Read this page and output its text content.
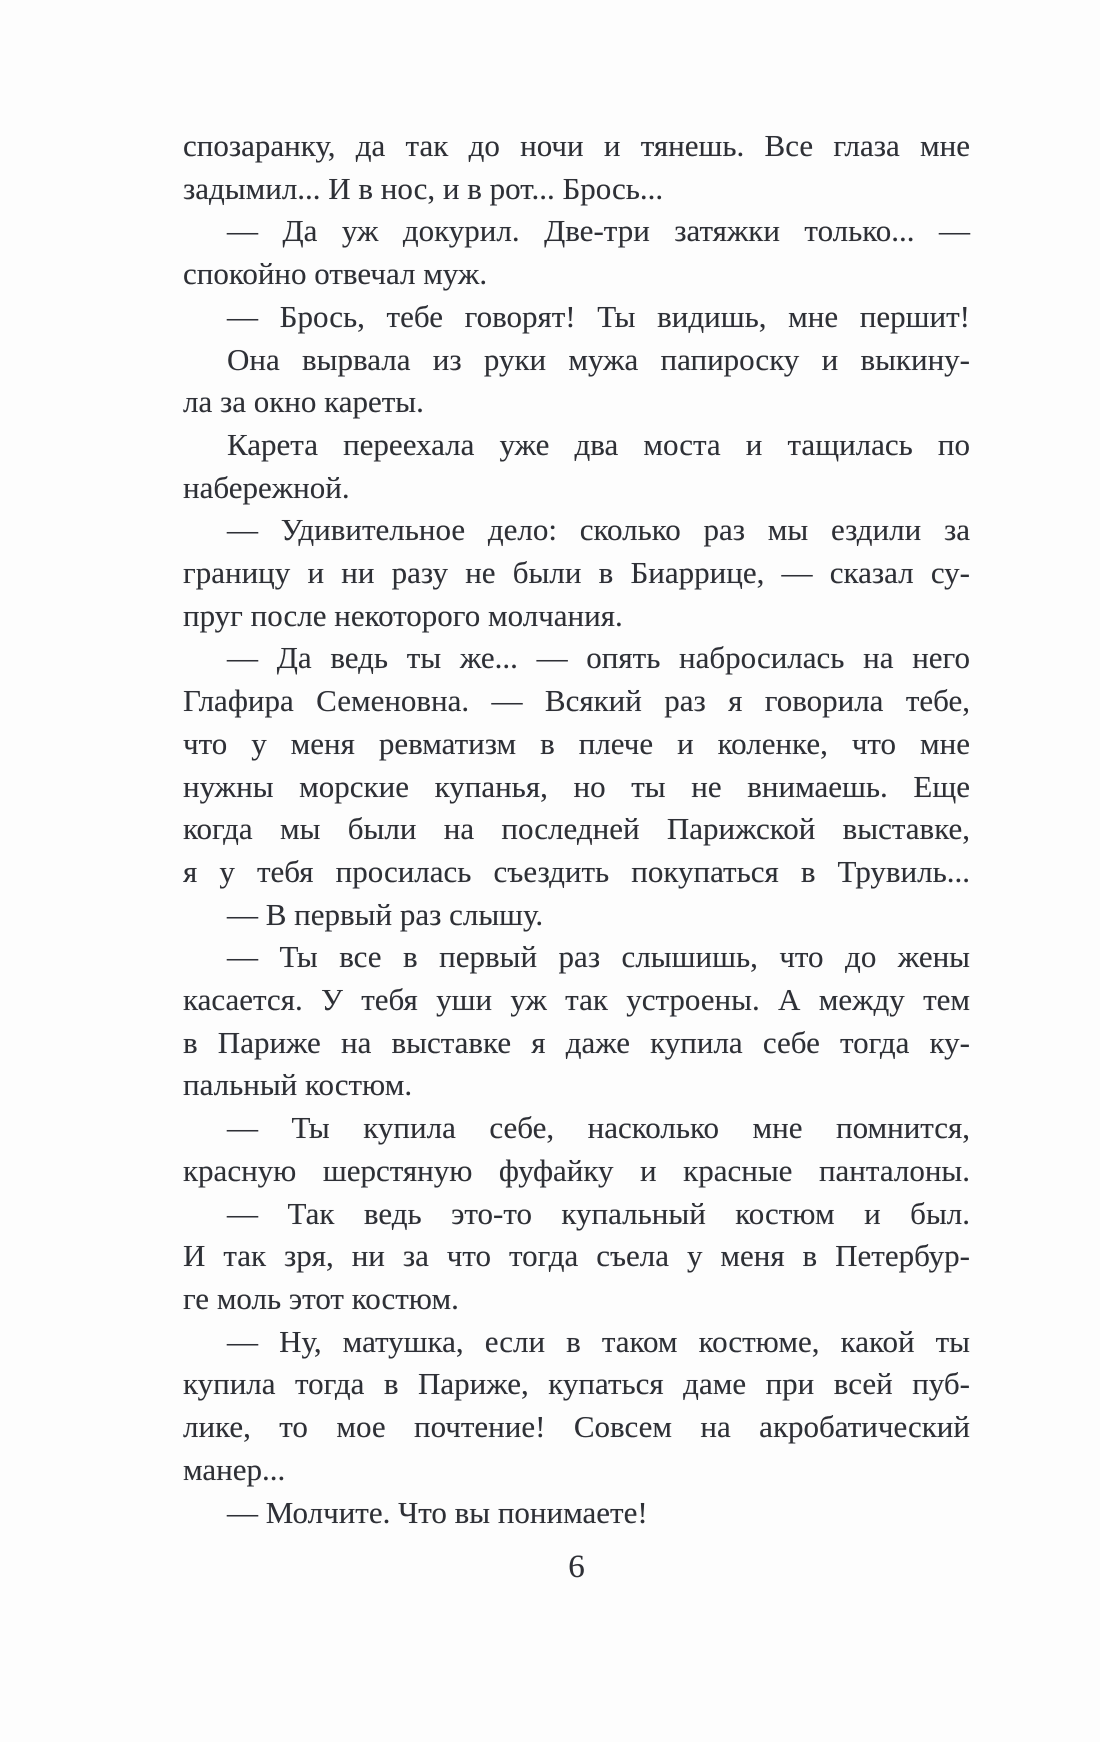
спозаранку, да так до ночи и тянешь. Все глаза мне
задымил... И в нос, и в рот... Брось...
— Да уж докурил. Две-три затяжки только... —
спокойно отвечал муж.
— Брось, тебе говорят! Ты видишь, мне першит!
Она вырвала из руки мужа папироску и выкину-
ла за окно кареты.
Карета переехала уже два моста и тащилась по
набережной.
— Удивительное дело: сколько раз мы ездили за
границу и ни разу не были в Биаррице, — сказал су-
пруг после некоторого молчания.
— Да ведь ты же... — опять набросилась на него
Глафира Семеновна. — Всякий раз я говорила тебе,
что у меня ревматизм в плече и коленке, что мне
нужны морские купанья, но ты не внимаешь. Еще
когда мы были на последней Парижской выставке,
я у тебя просилась съездить покупаться в Трувиль...
— В первый раз слышу.
— Ты все в первый раз слышишь, что до жены
касается. У тебя уши уж так устроены. А между тем
в Париже на выставке я даже купила себе тогда ку-
пальный костюм.
— Ты купила себе, насколько мне помнится,
красную шерстяную фуфайку и красные панталоны.
— Так ведь это-то купальный костюм и был.
И так зря, ни за что тогда съела у меня в Петербур-
ге моль этот костюм.
— Ну, матушка, если в таком костюме, какой ты
купила тогда в Париже, купаться даме при всей пуб-
лике, то мое почтение! Совсем на акробатический
манер...
— Молчите. Что вы понимаете!
6
